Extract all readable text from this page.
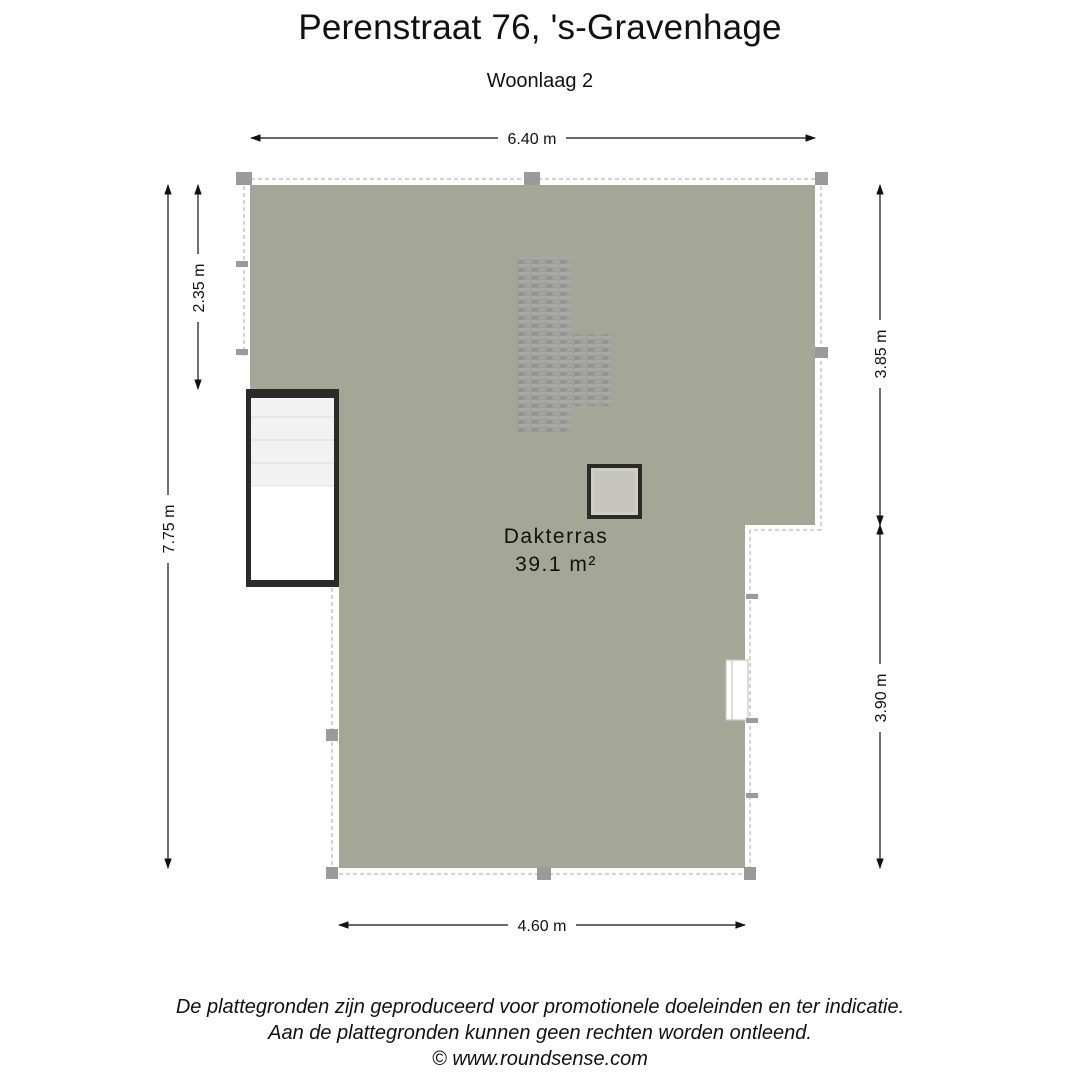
Perenstraat 76, 's-Gravenhage
Woonlaag 2
Dakterras
39.1 m²
6.40 m
4.60 m
7.75 m
2.35 m
3.85 m
3.90 m
De plattegronden zijn geproduceerd voor promotionele doeleinden en ter indicatie.
Aan de plattegronden kunnen geen rechten worden ontleend.
© www.roundsense.com
